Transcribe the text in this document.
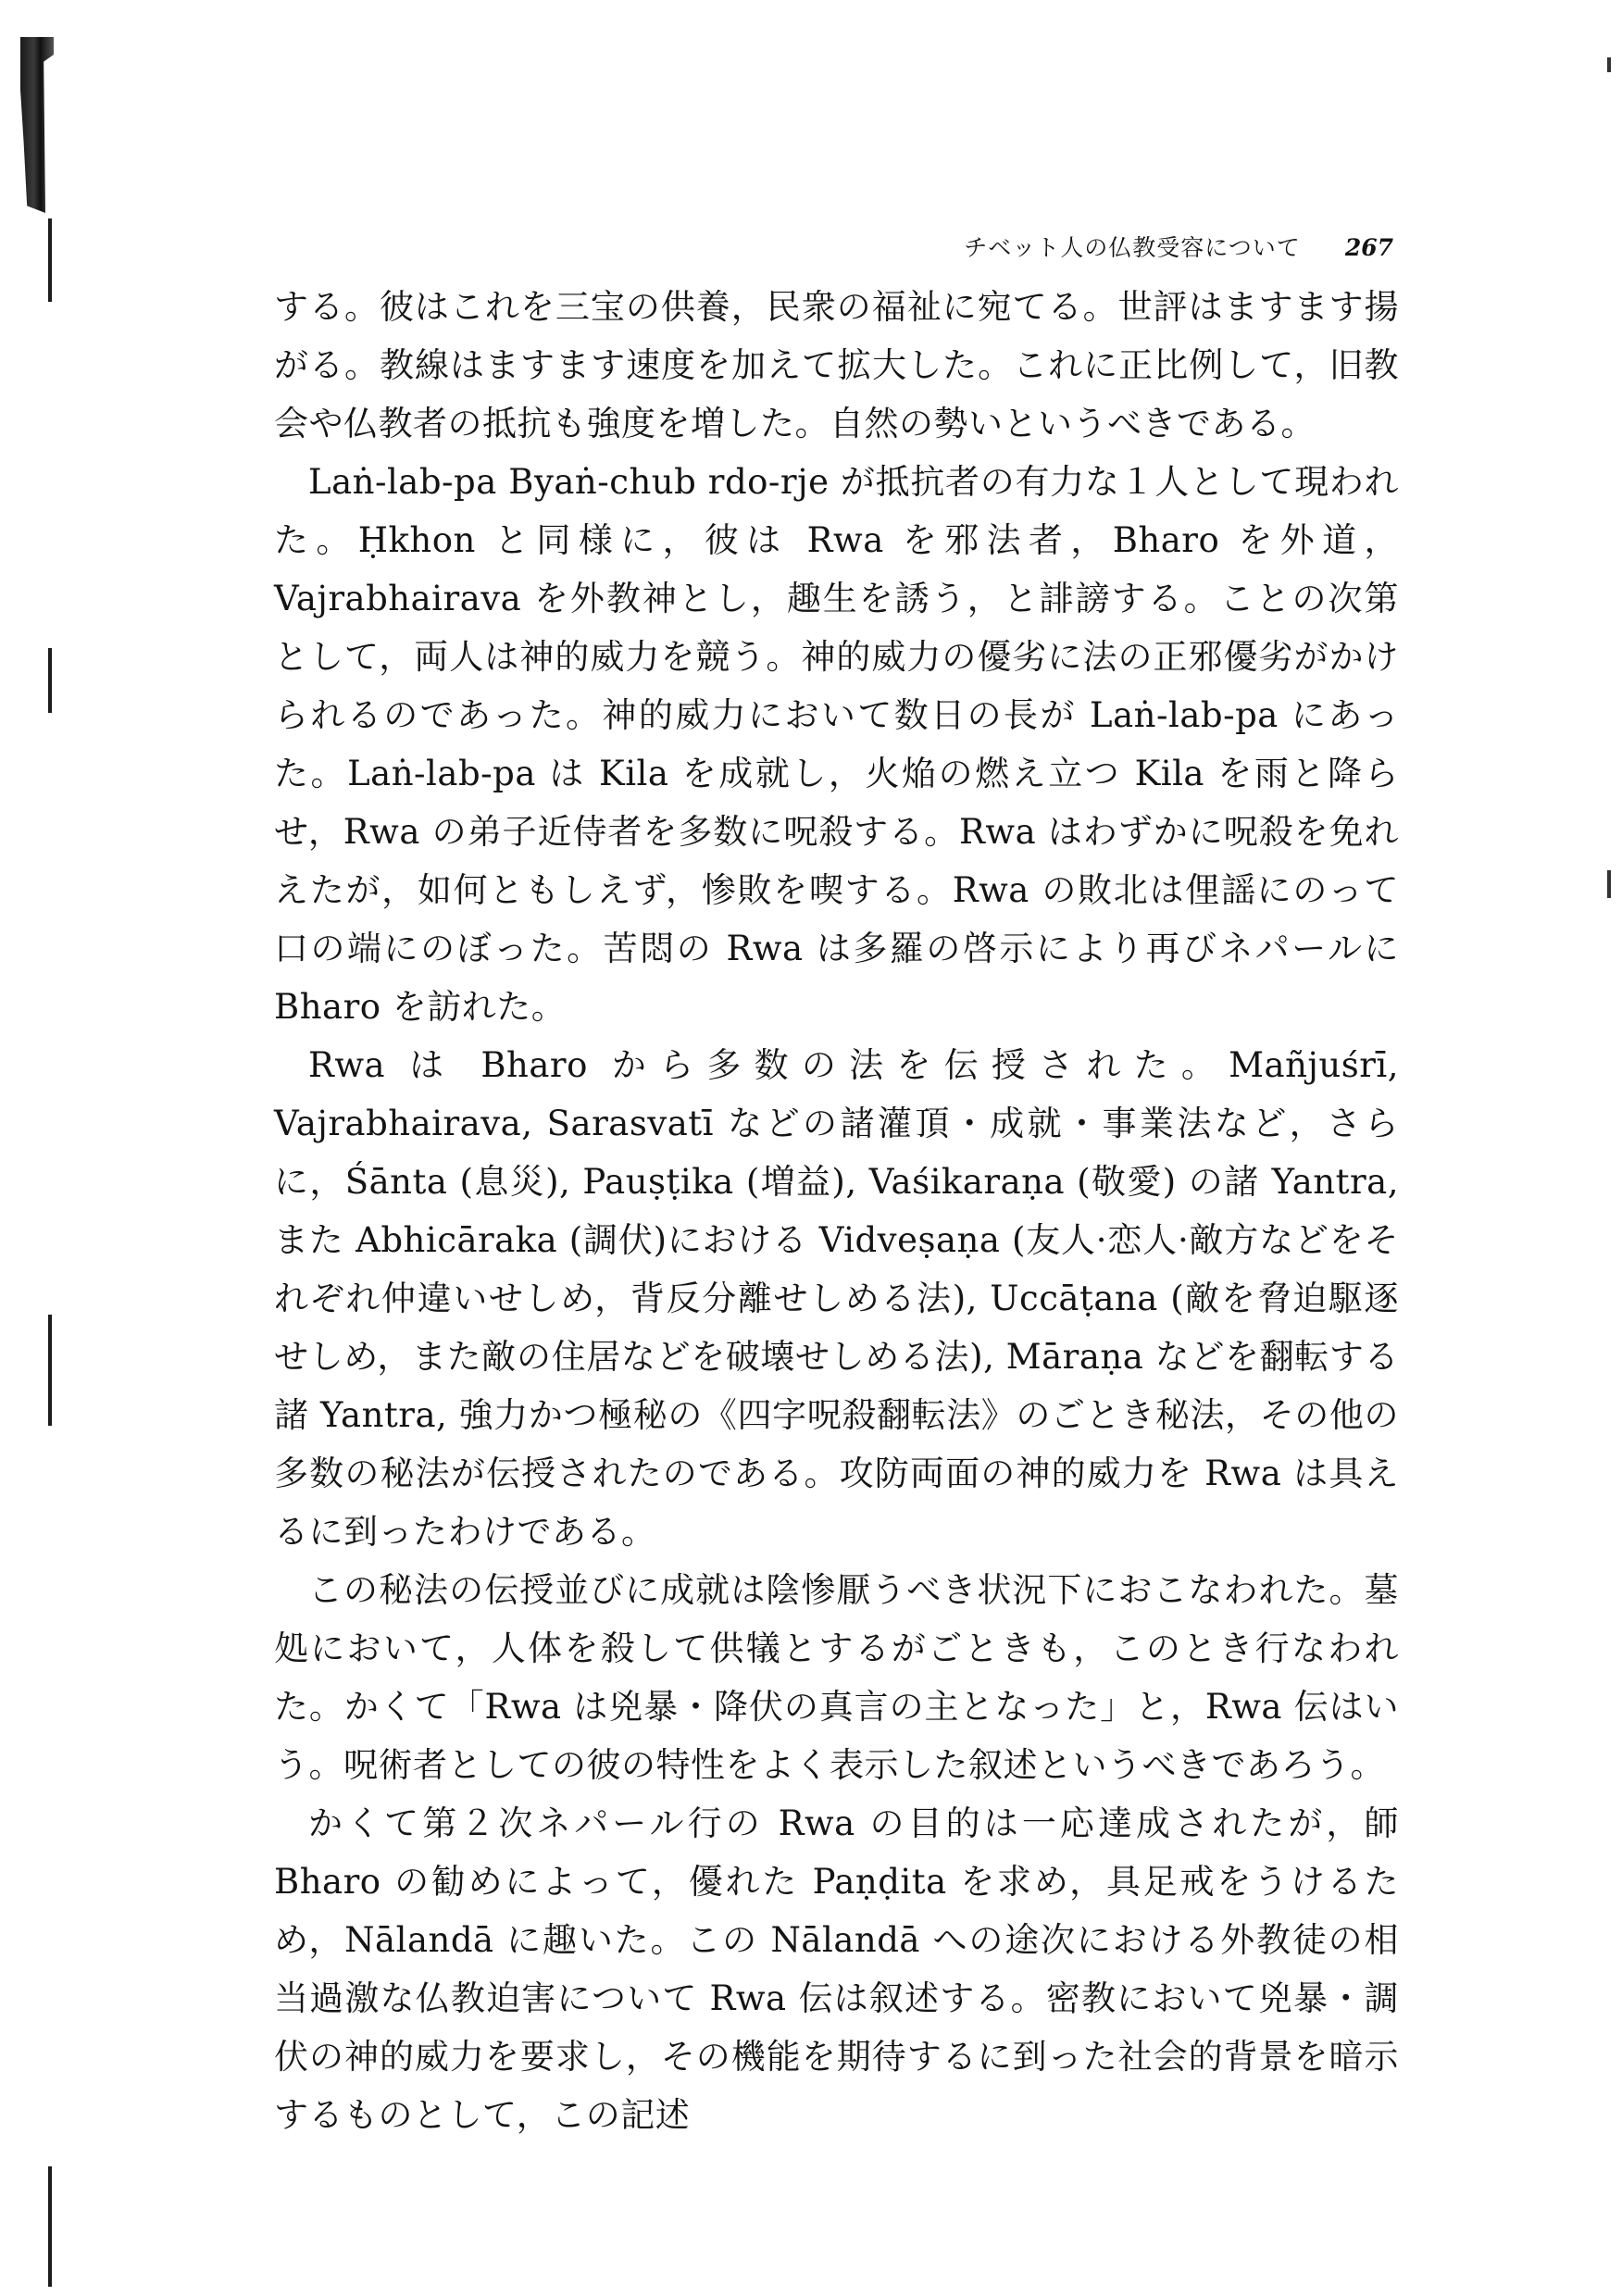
チベット人の仏教受容について 267

する。彼はこれを三宝の供養，民衆の福祉に宛てる。世評はますます揚がる。教線はますます速度を加えて拡大した。これに正比例して，旧教会や仏教者の抵抗も強度を増した。自然の勢いというべきである。

Laṅ-lab-pa Byaṅ-chub rdo-rje が抵抗者の有力な１人として現われた。Ḥkhon と同様に，彼は Rwa を邪法者，Bharo を外道，Vajrabhairava を外教神とし，趣生を誘う，と誹謗する。ことの次第として，両人は神的威力を競う。神的威力の優劣に法の正邪優劣がかけられるのであった。神的威力において数日の長が Laṅ-lab-pa にあった。Laṅ-lab-pa は Kila を成就し，火焔の燃え立つ Kila を雨と降らせ，Rwa の弟子近侍者を多数に呪殺する。Rwa はわずかに呪殺を免れえたが，如何ともしえず，惨敗を喫する。Rwa の敗北は俚謡にのって口の端にのぼった。苦悶の Rwa は多羅の啓示により再びネパールに Bharo を訪れた。

Rwa は Bharo から多数の法を伝授された。Mañjuśrī, Vajrabhairava, Sarasvatī などの諸灌頂・成就・事業法など，さらに，Śānta (息災), Pauṣṭika (増益), Vaśikaraṇa (敬愛) の諸 Yantra, また Abhicāraka (調伏)における Vidveṣaṇa (友人·恋人·敵方などをそれぞれ仲違いせしめ，背反分離せしめる法), Uccāṭana (敵を脅迫駆逐せしめ，また敵の住居などを破壊せしめる法), Māraṇa などを翻転する諸 Yantra, 強力かつ極秘の《四字呪殺翻転法》のごとき秘法，その他の多数の秘法が伝授されたのである。攻防両面の神的威力を Rwa は具えるに到ったわけである。

この秘法の伝授並びに成就は陰惨厭うべき状況下におこなわれた。墓処において，人体を殺して供犠とするがごときも，このとき行なわれた。かくて「Rwa は兇暴・降伏の真言の主となった」と，Rwa 伝はいう。呪術者としての彼の特性をよく表示した叙述というべきであろう。

かくて第２次ネパール行の Rwa の目的は一応達成されたが，師 Bharo の勧めによって，優れた Paṇḍita を求め，具足戒をうけるため，Nālandā に趣いた。この Nālandā への途次における外教徒の相当過激な仏教迫害について Rwa 伝は叙述する。密教において兇暴・調伏の神的威力を要求し，その機能を期待するに到った社会的背景を暗示するものとして，この記述
